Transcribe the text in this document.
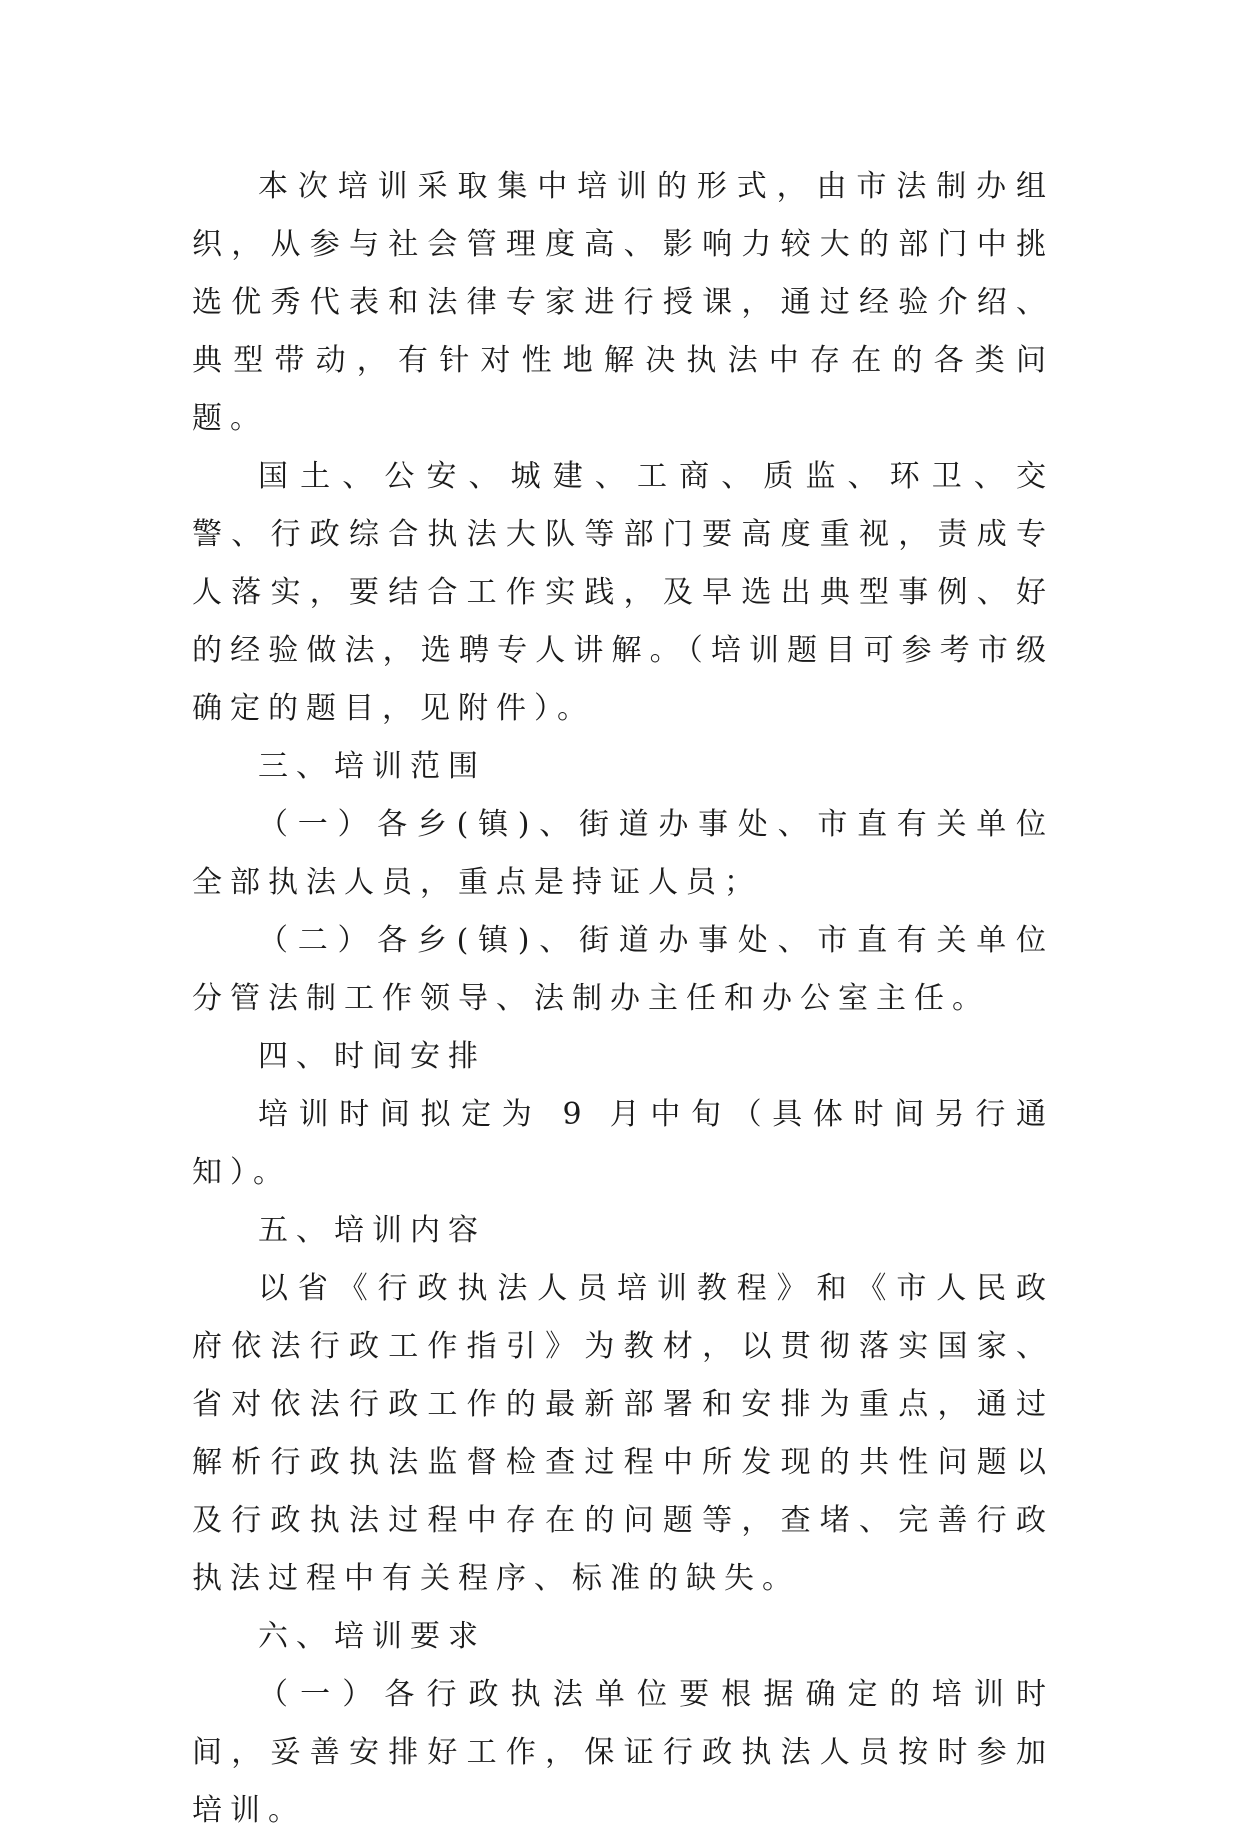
本次培训采取集中培训的形式，由市法制办组织，从参与社会管理度高、影响力较大的部门中挑选优秀代表和法律专家进行授课，通过经验介绍、典型带动，有针对性地解决执法中存在的各类问题。

国土、公安、城建、工商、质监、环卫、交警、行政综合执法大队等部门要高度重视，责成专人落实，要结合工作实践，及早选出典型事例、好的经验做法，选聘专人讲解。（培训题目可参考市级确定的题目，见附件）。

三、培训范围

（一）各乡(镇)、街道办事处、市直有关单位全部执法人员，重点是持证人员；

（二）各乡(镇)、街道办事处、市直有关单位分管法制工作领导、法制办主任和办公室主任。

四、时间安排

培训时间拟定为 9 月中旬（具体时间另行通知）。

五、培训内容

以省《行政执法人员培训教程》和《市人民政府依法行政工作指引》为教材，以贯彻落实国家、省对依法行政工作的最新部署和安排为重点，通过解析行政执法监督检查过程中所发现的共性问题以及行政执法过程中存在的问题等，查堵、完善行政执法过程中有关程序、标准的缺失。

六、培训要求

（一）各行政执法单位要根据确定的培训时间，妥善安排好工作，保证行政执法人员按时参加培训。
